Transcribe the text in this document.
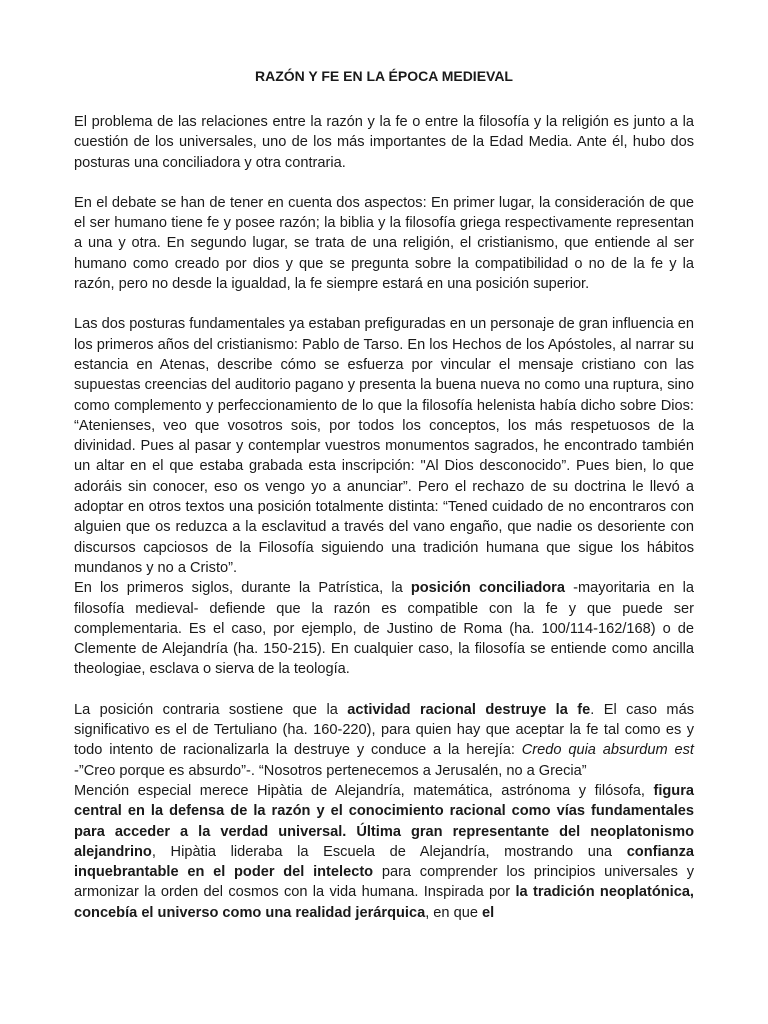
RAZÓN Y FE EN LA ÉPOCA MEDIEVAL

El problema de las relaciones entre la razón y la fe o entre la filosofía y la religión es junto a la cuestión de los universales, uno de los más importantes de la Edad Media. Ante él, hubo dos posturas una conciliadora y otra contraria.

En el debate se han de tener en cuenta dos aspectos: En primer lugar, la consideración de que el ser humano tiene fe y posee razón; la biblia y la filosofía griega respectivamente representan a una y otra. En segundo lugar, se trata de una religión, el cristianismo, que entiende al ser humano como creado por dios y que se pregunta sobre la compatibilidad o no de la fe y la razón, pero no desde la igualdad, la fe siempre estará en una posición superior.

Las dos posturas fundamentales ya estaban prefiguradas en un personaje de gran influencia en los primeros años del cristianismo: Pablo de Tarso. En los Hechos de los Apóstoles, al narrar su estancia en Atenas, describe cómo se esfuerza por vincular el mensaje cristiano con las supuestas creencias del auditorio pagano y presenta la buena nueva no como una ruptura, sino como complemento y perfeccionamiento de lo que la filosofía helenista había dicho sobre Dios: “Atenienses, veo que vosotros sois, por todos los conceptos, los más respetuosos de la divinidad. Pues al pasar y contemplar vuestros monumentos sagrados, he encontrado también un altar en el que estaba grabada esta inscripción: "Al Dios desconocido”. Pues bien, lo que adoráis sin conocer, eso os vengo yo a anunciar”. Pero el rechazo de su doctrina le llevó a adoptar en otros textos una posición totalmente distinta: “Tened cuidado de no encontraros con alguien que os reduzca a la esclavitud a través del vano engaño, que nadie os desoriente con discursos capciosos de la Filosofía siguiendo una tradición humana que sigue los hábitos mundanos y no a Cristo”.

En los primeros siglos, durante la Patrística, la posición conciliadora -mayoritaria en la filosofía medieval- defiende que la razón es compatible con la fe y que puede ser complementaria. Es el caso, por ejemplo, de Justino de Roma (ha. 100/114-162/168) o de Clemente de Alejandría (ha. 150-215). En cualquier caso, la filosofía se entiende como ancilla theologiae, esclava o sierva de la teología.

La posición contraria sostiene que la actividad racional destruye la fe. El caso más significativo es el de Tertuliano (ha. 160-220), para quien hay que aceptar la fe tal como es y todo intento de racionalizarla la destruye y conduce a la herejía: Credo quia absurdum est -”Creo porque es absurdo”-. “Nosotros pertenecemos a Jerusalén, no a Grecia”

Mención especial merece Hipàtia de Alejandría, matemática, astrónoma y filósofa, figura central en la defensa de la razón y el conocimiento racional como vías fundamentales para acceder a la verdad universal. Última gran representante del neoplatonismo alejandrino, Hipàtia lideraba la Escuela de Alejandría, mostrando una confianza inquebrantable en el poder del intelecto para comprender los principios universales y armonizar la orden del cosmos con la vida humana. Inspirada por la tradición neoplatónica, concebía el universo como una realidad jerárquica, en que el
